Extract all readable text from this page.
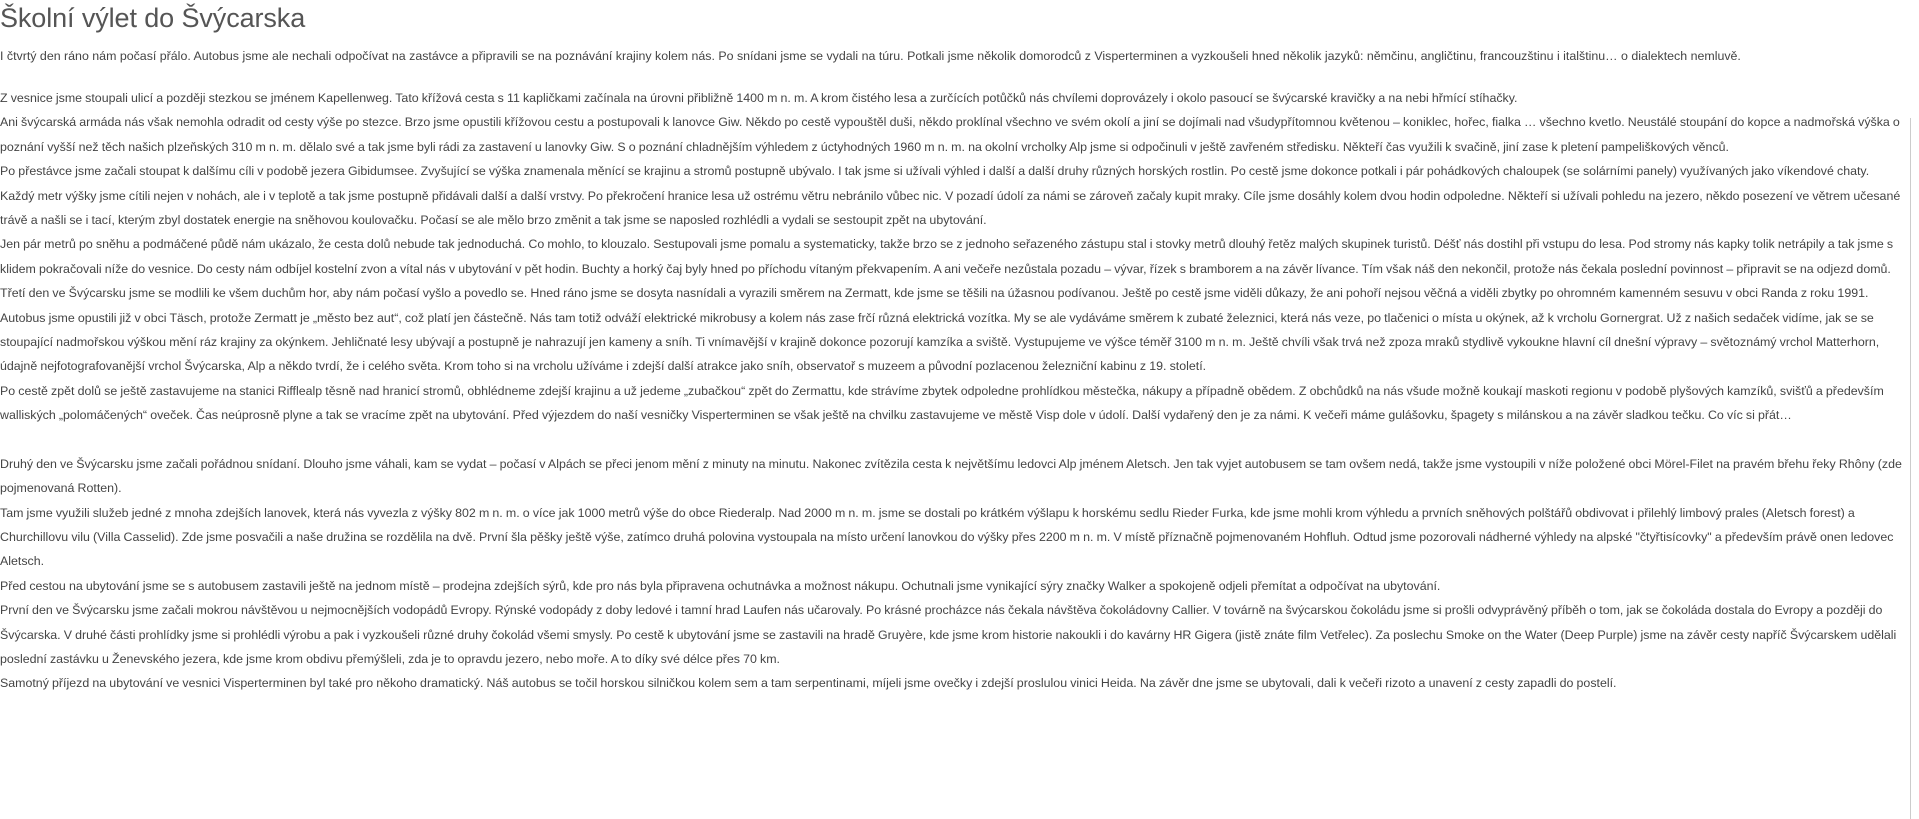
Školní výlet do Švýcarska

I čtvrtý den ráno nám počasí přálo. Autobus jsme ale nechali odpočívat na zastávce a připravili se na poznávání krajiny kolem nás. Po snídani jsme se vydali na túru. Potkali jsme několik domorodců z Visperterminen a vyzkoušeli hned několik jazyků: němčinu, angličtinu, francouzštinu i italštinu… o dialektech nemluvě.

Z vesnice jsme stoupali ulicí a později stezkou se jménem Kapellenweg. Tato křížová cesta s 11 kapličkami začínala na úrovni přibližně 1400 m n. m. A krom čistého lesa a zurčících potůčků nás chvílemi doprovázely i okolo pasoucí se švýcarské kravičky a na nebi hřmící stíhačky.

Ani švýcarská armáda nás však nemohla odradit od cesty výše po stezce. Brzo jsme opustili křížovou cestu a postupovali k lanovce Giw. Někdo po cestě vypouštěl duši, někdo proklínal všechno ve svém okolí a jiní se dojímali nad všudypřítomnou květenou – koniklec, hořec, fialka … všechno kvetlo. Neustálé stoupání do kopce a nadmořská výška o poznání vyšší než těch našich plzeňských 310 m n. m. dělalo své a tak jsme byli rádi za zastavení u lanovky Giw. S o poznání chladnějším výhledem z úctyhodných 1960 m n. m. na okolní vrcholky Alp jsme si odpočinuli v ještě zavřeném středisku. Někteří čas využili k svačině, jiní zase k pletení pampeliškových věnců.

Po přestávce jsme začali stoupat k dalšímu cíli v podobě jezera Gibidumsee. Zvyšující se výška znamenala měnící se krajinu a stromů postupně ubývalo. I tak jsme si užívali výhled i další a další druhy různých horských rostlin. Po cestě jsme dokonce potkali i pár pohádkových chaloupek (se solárními panely) využívaných jako víkendové chaty.

Každý metr výšky jsme cítili nejen v nohách, ale i v teplotě a tak jsme postupně přidávali další a další vrstvy. Po překročení hranice lesa už ostrému větru nebránilo vůbec nic. V pozadí údolí za námi se zároveň začaly kupit mraky. Cíle jsme dosáhly kolem dvou hodin odpoledne. Někteří si užívali pohledu na jezero, někdo posezení ve větrem učesané trávě a našli se i tací, kterým zbyl dostatek energie na sněhovou koulovačku. Počasí se ale mělo brzo změnit a tak jsme se naposled rozhlédli a vydali se sestoupit zpět na ubytování.

Jen pár metrů po sněhu a podmáčené půdě nám ukázalo, že cesta dolů nebude tak jednoduchá. Co mohlo, to klouzalo. Sestupovali jsme pomalu a systematicky, takže brzo se z jednoho seřazeného zástupu stal i stovky metrů dlouhý řetěz malých skupinek turistů. Déšť nás dostihl při vstupu do lesa. Pod stromy nás kapky tolik netrápily a tak jsme s klidem pokračovali níže do vesnice. Do cesty nám odbíjel kostelní zvon a vítal nás v ubytování v pět hodin. Buchty a horký čaj byly hned po příchodu vítaným překvapením. A ani večeře nezůstala pozadu – vývar, řízek s bramborem a na závěr lívance. Tím však náš den nekončil, protože nás čekala poslední povinnost – připravit se na odjezd domů.

Třetí den ve Švýcarsku jsme se modlili ke všem duchům hor, aby nám počasí vyšlo a povedlo se. Hned ráno jsme se dosyta nasnídali a vyrazili směrem na Zermatt, kde jsme se těšili na úžasnou podívanou. Ještě po cestě jsme viděli důkazy, že ani pohoří nejsou věčná a viděli zbytky po ohromném kamenném sesuvu v obci Randa z roku 1991.

Autobus jsme opustili již v obci Täsch, protože Zermatt je „město bez aut“, což platí jen částečně. Nás tam totiž odváží elektrické mikrobusy a kolem nás zase frčí různá elektrická vozítka. My se ale vydáváme směrem k zubaté železnici, která nás veze, po tlačenici o místa u okýnek, až k vrcholu Gornergrat. Už z našich sedaček vidíme, jak se se stoupající nadmořskou výškou mění ráz krajiny za okýnkem. Jehličnaté lesy ubývají a postupně je nahrazují jen kameny a sníh. Ti vnímavější v krajině dokonce pozorují kamzíka a sviště. Vystupujeme ve výšce téměř 3100 m n. m. Ještě chvíli však trvá než zpoza mraků stydlivě vykoukne hlavní cíl dnešní výpravy – světoznámý vrchol Matterhorn, údajně nejfotografovanější vrchol Švýcarska, Alp a někdo tvrdí, že i celého světa. Krom toho si na vrcholu užíváme i zdejší další atrakce jako sníh, observatoř s muzeem a původní pozlacenou železniční kabinu z 19. století.

Po cestě zpět dolů se ještě zastavujeme na stanici Rifflealp těsně nad hranicí stromů, obhlédneme zdejší krajinu a už jedeme „zubačkou“ zpět do Zermattu, kde strávíme zbytek odpoledne prohlídkou městečka, nákupy a případně obědem. Z obchůdků na nás všude možně koukají maskoti regionu v podobě plyšových kamzíků, svišťů a především walliských „polomáčených“ oveček. Čas neúprosně plyne a tak se vracíme zpět na ubytování. Před výjezdem do naší vesničky Visperterminen se však ještě na chvilku zastavujeme ve městě Visp dole v údolí. Další vydařený den je za námi. K večeři máme gulášovku, špagety s milánskou a na závěr sladkou tečku. Co víc si přát…

Druhý den ve Švýcarsku jsme začali pořádnou snídaní. Dlouho jsme váhali, kam se vydat – počasí v Alpách se přeci jenom mění z minuty na minutu. Nakonec zvítězila cesta k největšímu ledovci Alp jménem Aletsch. Jen tak vyjet autobusem se tam ovšem nedá, takže jsme vystoupili v níže položené obci Mörel-Filet na pravém břehu řeky Rhôny (zde pojmenovaná Rotten).

Tam jsme využili služeb jedné z mnoha zdejších lanovek, která nás vyvezla z výšky 802 m n. m. o více jak 1000 metrů výše do obce Riederalp. Nad 2000 m n. m. jsme se dostali po krátkém výšlapu k horskému sedlu Rieder Furka, kde jsme mohli krom výhledu a prvních sněhových polštářů obdivovat i přilehlý limbový prales (Aletsch forest) a Churchillovu vilu (Villa Casselid). Zde jsme posvačili a naše družina se rozdělila na dvě. První šla pěšky ještě výše, zatímco druhá polovina vystoupala na místo určení lanovkou do výšky přes 2200 m n. m. V místě příznačně pojmenovaném Hohfluh. Odtud jsme pozorovali nádherné výhledy na alpské "čtyřtisícovky" a především právě onen ledovec Aletsch.

Před cestou na ubytování jsme se s autobusem zastavili ještě na jednom místě – prodejna zdejších sýrů, kde pro nás byla připravena ochutnávka a možnost nákupu. Ochutnali jsme vynikající sýry značky Walker a spokojeně odjeli přemítat a odpočívat na ubytování.

První den ve Švýcarsku jsme začali mokrou návštěvou u nejmocnějších vodopádů Evropy. Rýnské vodopády z doby ledové i tamní hrad Laufen nás učarovaly. Po krásné procházce nás čekala návštěva čokoládovny Callier. V továrně na švýcarskou čokoládu jsme si prošli odvyprávěný příběh o tom, jak se čokoláda dostala do Evropy a později do Švýcarska. V druhé části prohlídky jsme si prohlédli výrobu a pak i vyzkoušeli různé druhy čokolád všemi smysly. Po cestě k ubytování jsme se zastavili na hradě Gruyère, kde jsme krom historie nakoukli i do kavárny HR Gigera (jistě znáte film Vetřelec). Za poslechu Smoke on the Water (Deep Purple) jsme na závěr cesty napříč Švýcarskem udělali poslední zastávku u Ženevského jezera, kde jsme krom obdivu přemýšleli, zda je to opravdu jezero, nebo moře. A to díky své délce přes 70 km.

Samotný příjezd na ubytování ve vesnici Visperterminen byl také pro někoho dramatický. Náš autobus se točil horskou silničkou kolem sem a tam serpentinami, míjeli jsme ovečky i zdejší proslulou vinici Heida. Na závěr dne jsme se ubytovali, dali k večeři rizoto a unavení z cesty zapadli do postelí.
